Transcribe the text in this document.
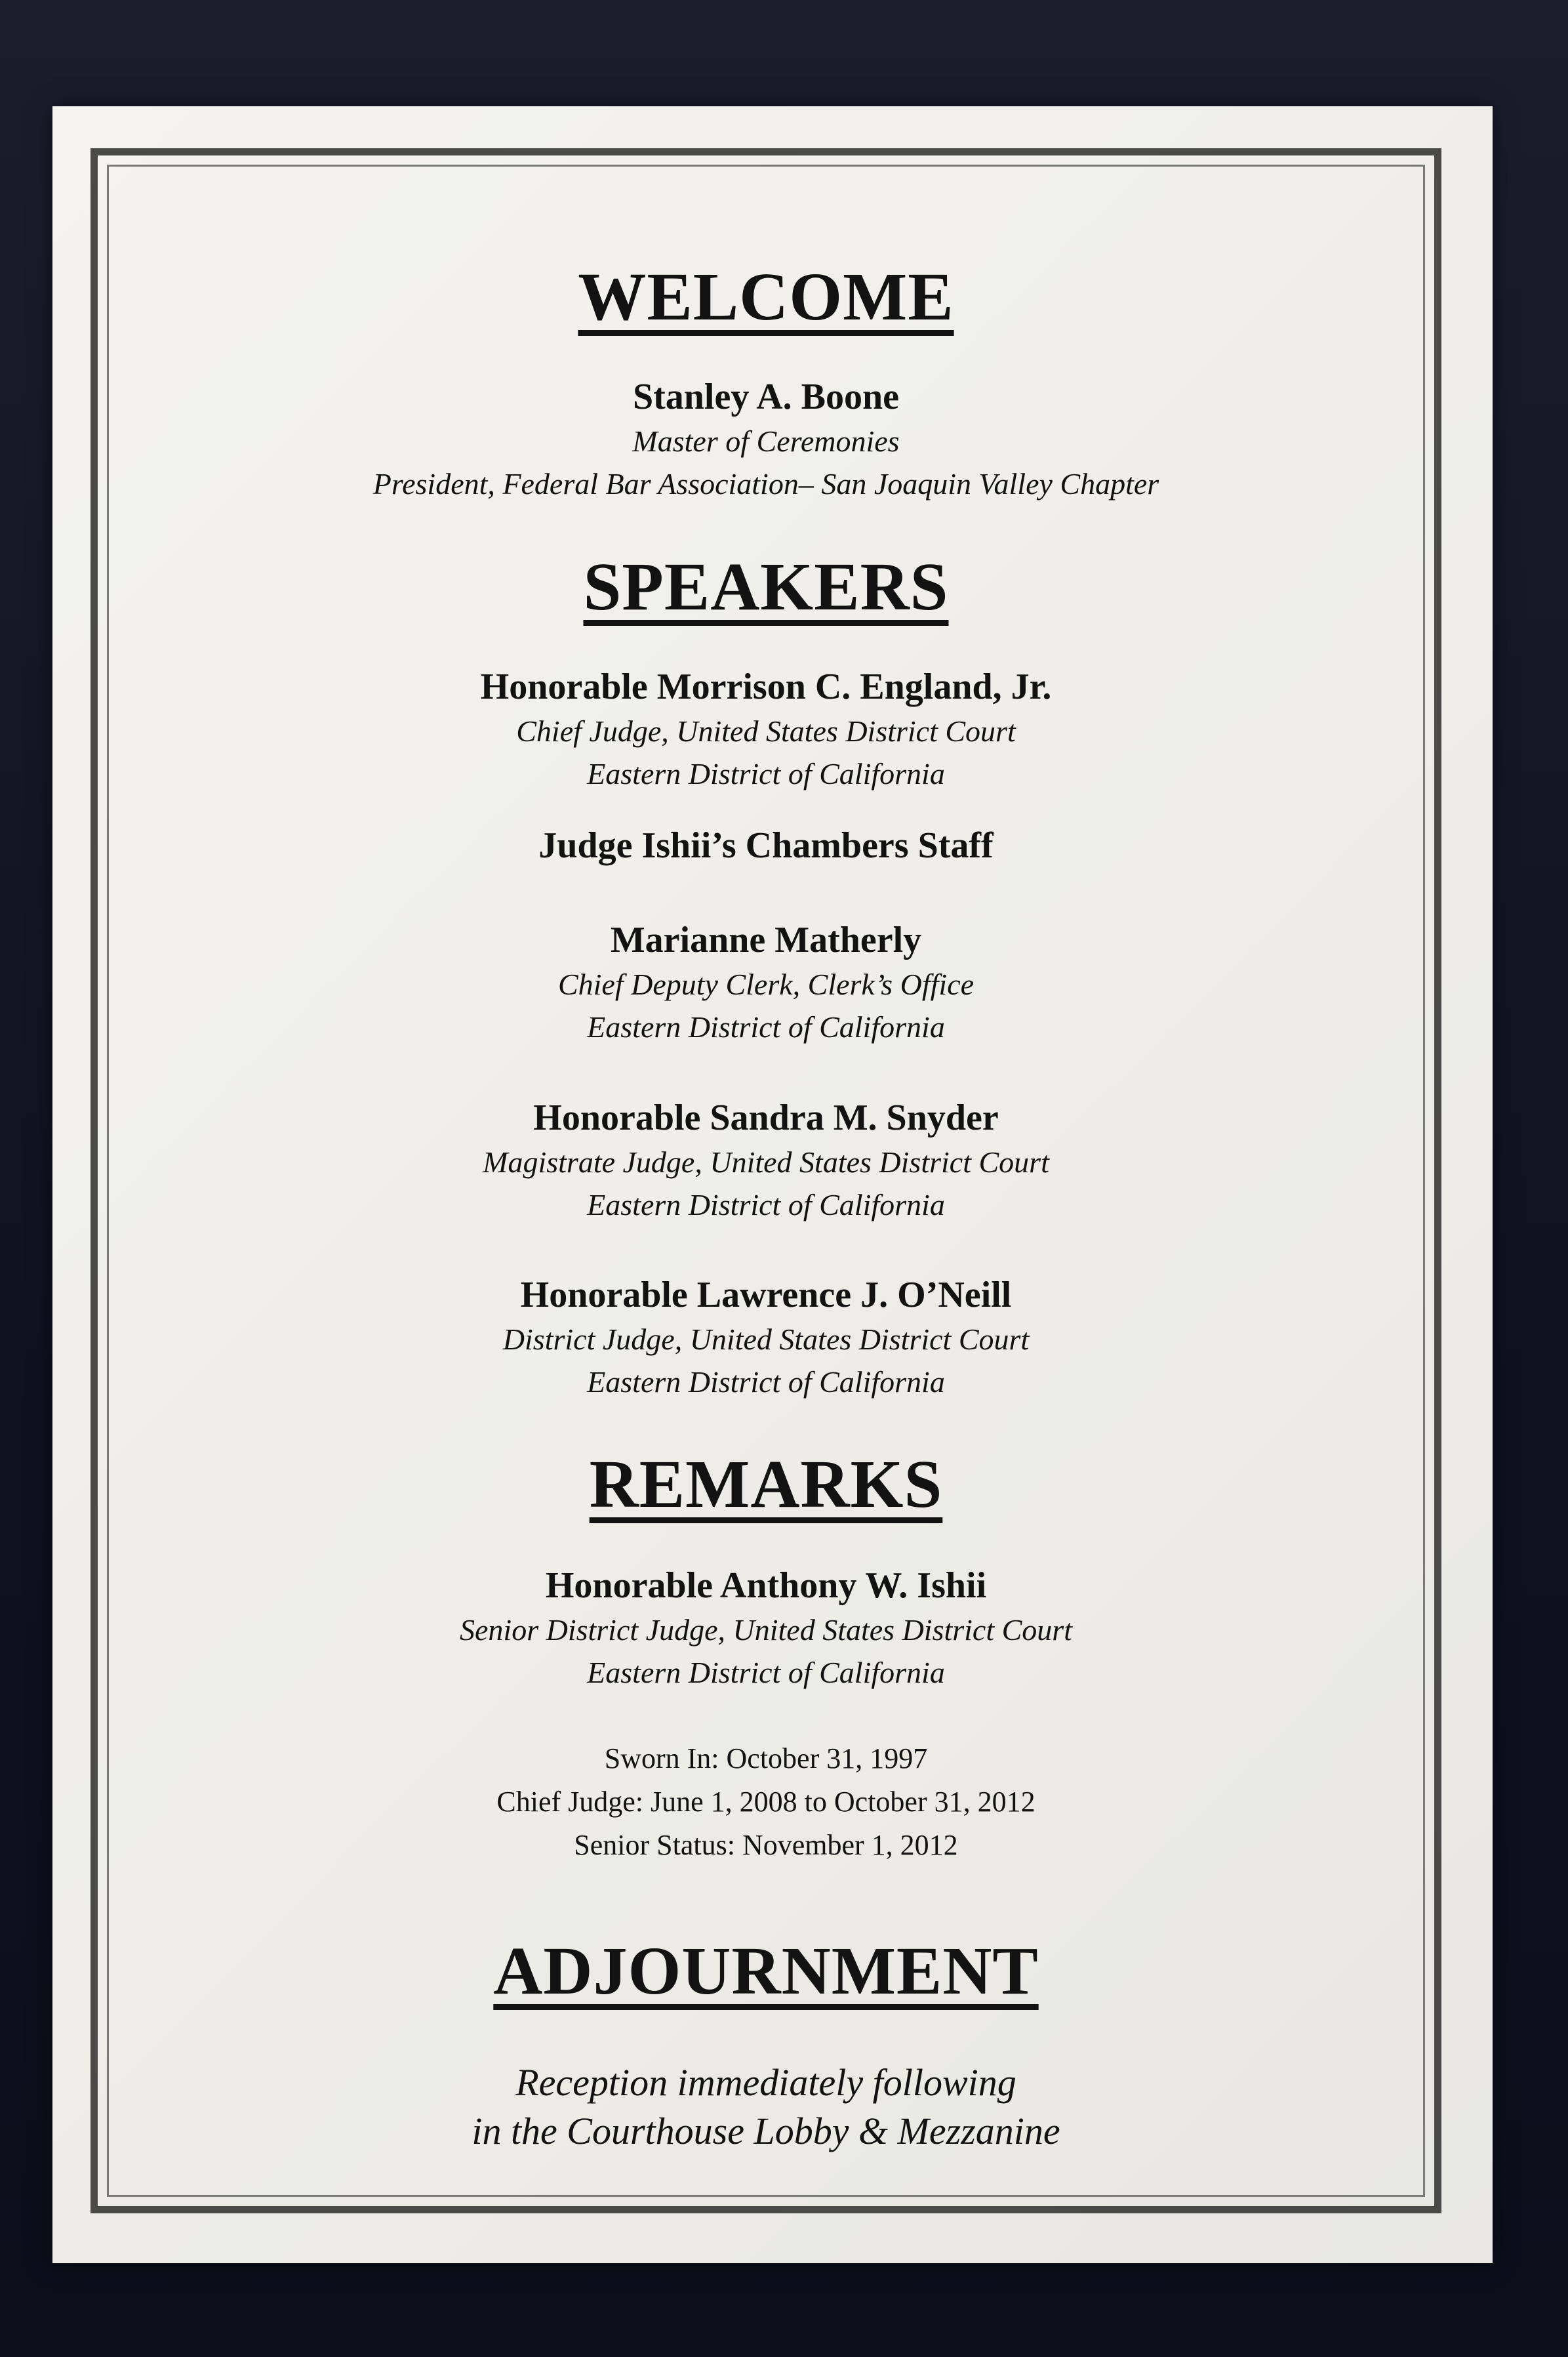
WELCOME
Stanley A. Boone
Master of Ceremonies
President, Federal Bar Association– San Joaquin Valley Chapter
SPEAKERS
Honorable Morrison C. England, Jr.
Chief Judge, United States District Court
Eastern District of California
Judge Ishii’s Chambers Staff
Marianne Matherly
Chief Deputy Clerk, Clerk’s Office
Eastern District of California
Honorable Sandra M. Snyder
Magistrate Judge, United States District Court
Eastern District of California
Honorable Lawrence J. O’Neill
District Judge, United States District Court
Eastern District of California
REMARKS
Honorable Anthony W. Ishii
Senior District Judge, United States District Court
Eastern District of California
Sworn In: October 31, 1997
Chief Judge: June 1, 2008 to October 31, 2012
Senior Status: November 1, 2012
ADJOURNMENT
Reception immediately following
in the Courthouse Lobby & Mezzanine
